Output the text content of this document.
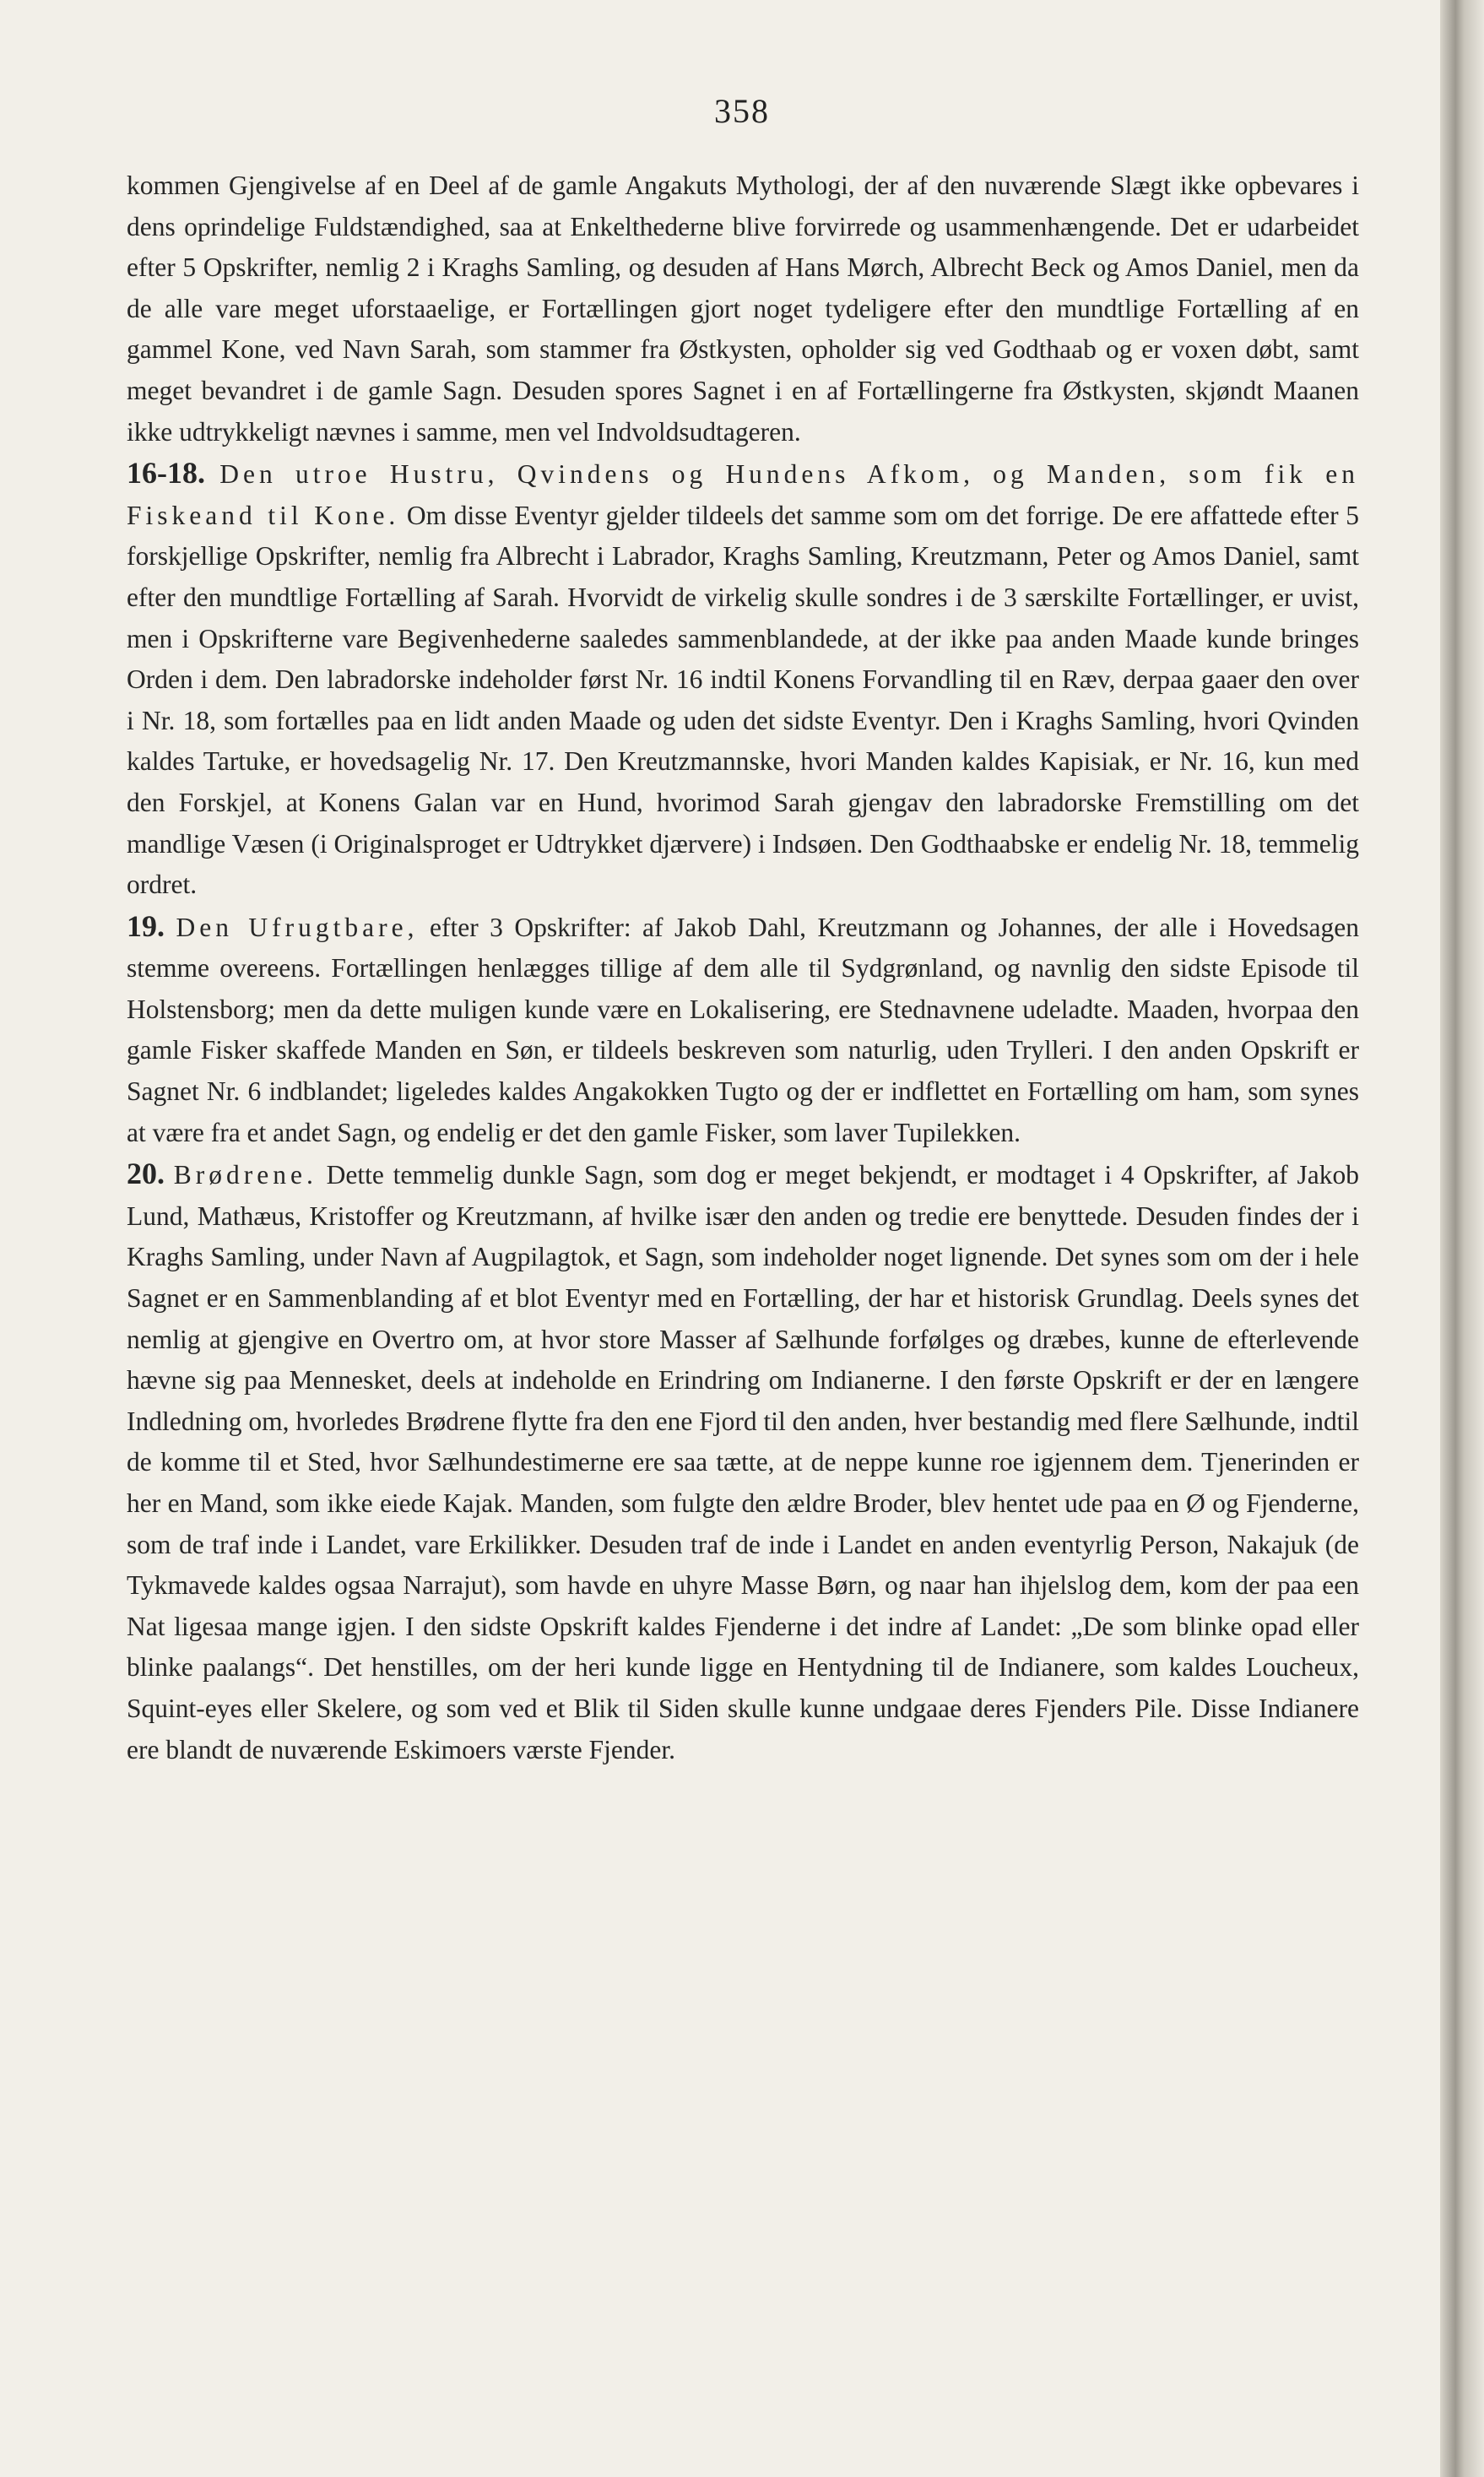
358

kommen Gjengivelse af en Deel af de gamle Angakuts Mythologi, der af den nuværende Slægt ikke opbevares i dens oprindelige Fuldstændighed, saa at Enkelthederne blive forvirrede og usammenhængende. Det er udarbeidet efter 5 Opskrifter, nemlig 2 i Kraghs Samling, og desuden af Hans Mørch, Albrecht Beck og Amos Daniel, men da de alle vare meget uforstaaelige, er Fortællingen gjort noget tydeligere efter den mundtlige Fortælling af en gammel Kone, ved Navn Sarah, som stammer fra Østkysten, opholder sig ved Godthaab og er voxen døbt, samt meget bevandret i de gamle Sagn. Desuden spores Sagnet i en af Fortællingerne fra Østkysten, skjøndt Maanen ikke udtrykkeligt nævnes i samme, men vel Indvoldsudtageren.

16-18. Den utroe Hustru, Qvindens og Hundens Afkom, og Manden, som fik en Fiskeand til Kone. Om disse Eventyr gjelder tildeels det samme som om det forrige. De ere affattede efter 5 forskjellige Opskrifter, nemlig fra Albrecht i Labrador, Kraghs Samling, Kreutzmann, Peter og Amos Daniel, samt efter den mundtlige Fortælling af Sarah. Hvorvidt de virkelig skulle sondres i de 3 særskilte Fortællinger, er uvist, men i Opskrifterne vare Begivenhederne saaledes sammenblandede, at der ikke paa anden Maade kunde bringes Orden i dem. Den labradorske indeholder først Nr. 16 indtil Konens Forvandling til en Ræv, derpaa gaaer den over i Nr. 18, som fortælles paa en lidt anden Maade og uden det sidste Eventyr. Den i Kraghs Samling, hvori Qvinden kaldes Tartuke, er hovedsagelig Nr. 17. Den Kreutzmannske, hvori Manden kaldes Kapisiak, er Nr. 16, kun med den Forskjel, at Konens Galan var en Hund, hvorimod Sarah gjengav den labradorske Fremstilling om det mandlige Væsen (i Originalsproget er Udtrykket djærvere) i Indsøen. Den Godthaabske er endelig Nr. 18, temmelig ordret.

19. Den Ufrugtbare, efter 3 Opskrifter: af Jakob Dahl, Kreutzmann og Johannes, der alle i Hovedsagen stemme overeens. Fortællingen henlægges tillige af dem alle til Sydgrønland, og navnlig den sidste Episode til Holstensborg; men da dette muligen kunde være en Lokalisering, ere Stednavnene udeladte. Maaden, hvorpaa den gamle Fisker skaffede Manden en Søn, er tildeels beskreven som naturlig, uden Trylleri. I den anden Opskrift er Sagnet Nr. 6 indblandet; ligeledes kaldes Angakokken Tugto og der er indflettet en Fortælling om ham, som synes at være fra et andet Sagn, og endelig er det den gamle Fisker, som laver Tupilekken.

20. Brødrene. Dette temmelig dunkle Sagn, som dog er meget bekjendt, er modtaget i 4 Opskrifter, af Jakob Lund, Mathæus, Kristoffer og Kreutzmann, af hvilke især den anden og tredie ere benyttede. Desuden findes der i Kraghs Samling, under Navn af Augpilagtok, et Sagn, som indeholder noget lignende. Det synes som om der i hele Sagnet er en Sammenblanding af et blot Eventyr med en Fortælling, der har et historisk Grundlag. Deels synes det nemlig at gjengive en Overtro om, at hvor store Masser af Sælhunde forfølges og dræbes, kunne de efterlevende hævne sig paa Mennesket, deels at indeholde en Erindring om Indianerne. I den første Opskrift er der en længere Indledning om, hvorledes Brødrene flytte fra den ene Fjord til den anden, hver bestandig med flere Sælhunde, indtil de komme til et Sted, hvor Sælhundestimerne ere saa tætte, at de neppe kunne roe igjennem dem. Tjenerinden er her en Mand, som ikke eiede Kajak. Manden, som fulgte den ældre Broder, blev hentet ude paa en Ø og Fjenderne, som de traf inde i Landet, vare Erkilikker. Desuden traf de inde i Landet en anden eventyrlig Person, Nakajuk (de Tykmavede kaldes ogsaa Narrajut), som havde en uhyre Masse Børn, og naar han ihjelslog dem, kom der paa een Nat ligesaa mange igjen. I den sidste Opskrift kaldes Fjenderne i det indre af Landet: „De som blinke opad eller blinke paalangs“. Det henstilles, om der heri kunde ligge en Hentydning til de Indianere, som kaldes Loucheux, Squint-eyes eller Skelere, og som ved et Blik til Siden skulle kunne undgaae deres Fjenders Pile. Disse Indianere ere blandt de nuværende Eskimoers værste Fjender.
